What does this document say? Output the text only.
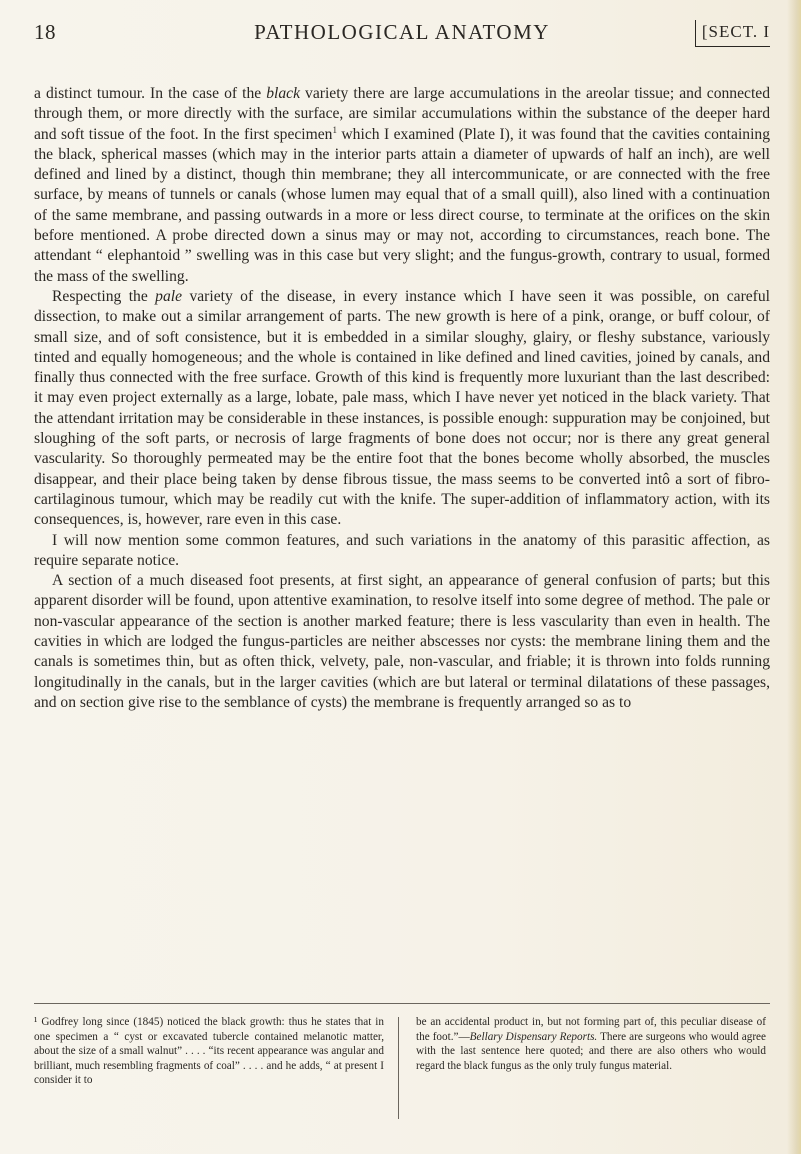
18	PATHOLOGICAL ANATOMY	[SECT. I

a distinct tumour. In the case of the black variety there are large accumulations in the areolar tissue; and connected through them, or more directly with the surface, are similar accumulations within the substance of the deeper hard and soft tissue of the foot. In the first specimen$^1$ which I examined (Plate I), it was found that the cavities containing the black, spherical masses (which may in the interior parts attain a diameter of upwards of half an inch), are well defined and lined by a distinct, though thin membrane; they all intercommunicate, or are connected with the free surface, by means of tunnels or canals (whose lumen may equal that of a small quill), also lined with a continuation of the same membrane, and passing outwards in a more or less direct course, to terminate at the orifices on the skin before mentioned. A probe directed down a sinus may or may not, according to circumstances, reach bone. The attendant “ elephantoid ” swelling was in this case but very slight; and the fungus-growth, contrary to usual, formed the mass of the swelling.

Respecting the pale variety of the disease, in every instance which I have seen it was possible, on careful dissection, to make out a similar arrangement of parts. The new growth is here of a pink, orange, or buff colour, of small size, and of soft consistence, but it is embedded in a similar sloughy, glairy, or fleshy substance, variously tinted and equally homogeneous; and the whole is contained in like defined and lined cavities, joined by canals, and finally thus connected with the free surface. Growth of this kind is frequently more luxuriant than the last described: it may even project externally as a large, lobate, pale mass, which I have never yet noticed in the black variety. That the attendant irritation may be considerable in these instances, is possible enough: suppuration may be conjoined, but sloughing of the soft parts, or necrosis of large fragments of bone does not occur; nor is there any great general vascularity. So thoroughly permeated may be the entire foot that the bones become wholly absorbed, the muscles disappear, and their place being taken by dense fibrous tissue, the mass seems to be converted intô a sort of fibro-cartilaginous tumour, which may be readily cut with the knife. The super-addition of inflammatory action, with its consequences, is, however, rare even in this case.

I will now mention some common features, and such variations in the anatomy of this parasitic affection, as require separate notice.

A section of a much diseased foot presents, at first sight, an appearance of general confusion of parts; but this apparent disorder will be found, upon attentive examination, to resolve itself into some degree of method. The pale or non-vascular appearance of the section is another marked feature; there is less vascularity than even in health. The cavities in which are lodged the fungus-particles are neither abscesses nor cysts: the membrane lining them and the canals is sometimes thin, but as often thick, velvety, pale, non-vascular, and friable; it is thrown into folds running longitudinally in the canals, but in the larger cavities (which are but lateral or terminal dilatations of these passages, and on section give rise to the semblance of cysts) the membrane is frequently arranged so as to

¹ Godfrey long since (1845) noticed the black growth: thus he states that in one specimen a “ cyst or excavated tubercle contained melanotic matter, about the size of a small walnut” . . . . “its recent appearance was angular and brilliant, much resembling fragments of coal” . . . . and he adds, “ at present I consider it to
be an accidental product in, but not forming part of, this peculiar disease of the foot.”—Bellary Dispensary Reports. There are surgeons who would agree with the last sentence here quoted; and there are also others who would regard the black fungus as the only truly fungus material.
